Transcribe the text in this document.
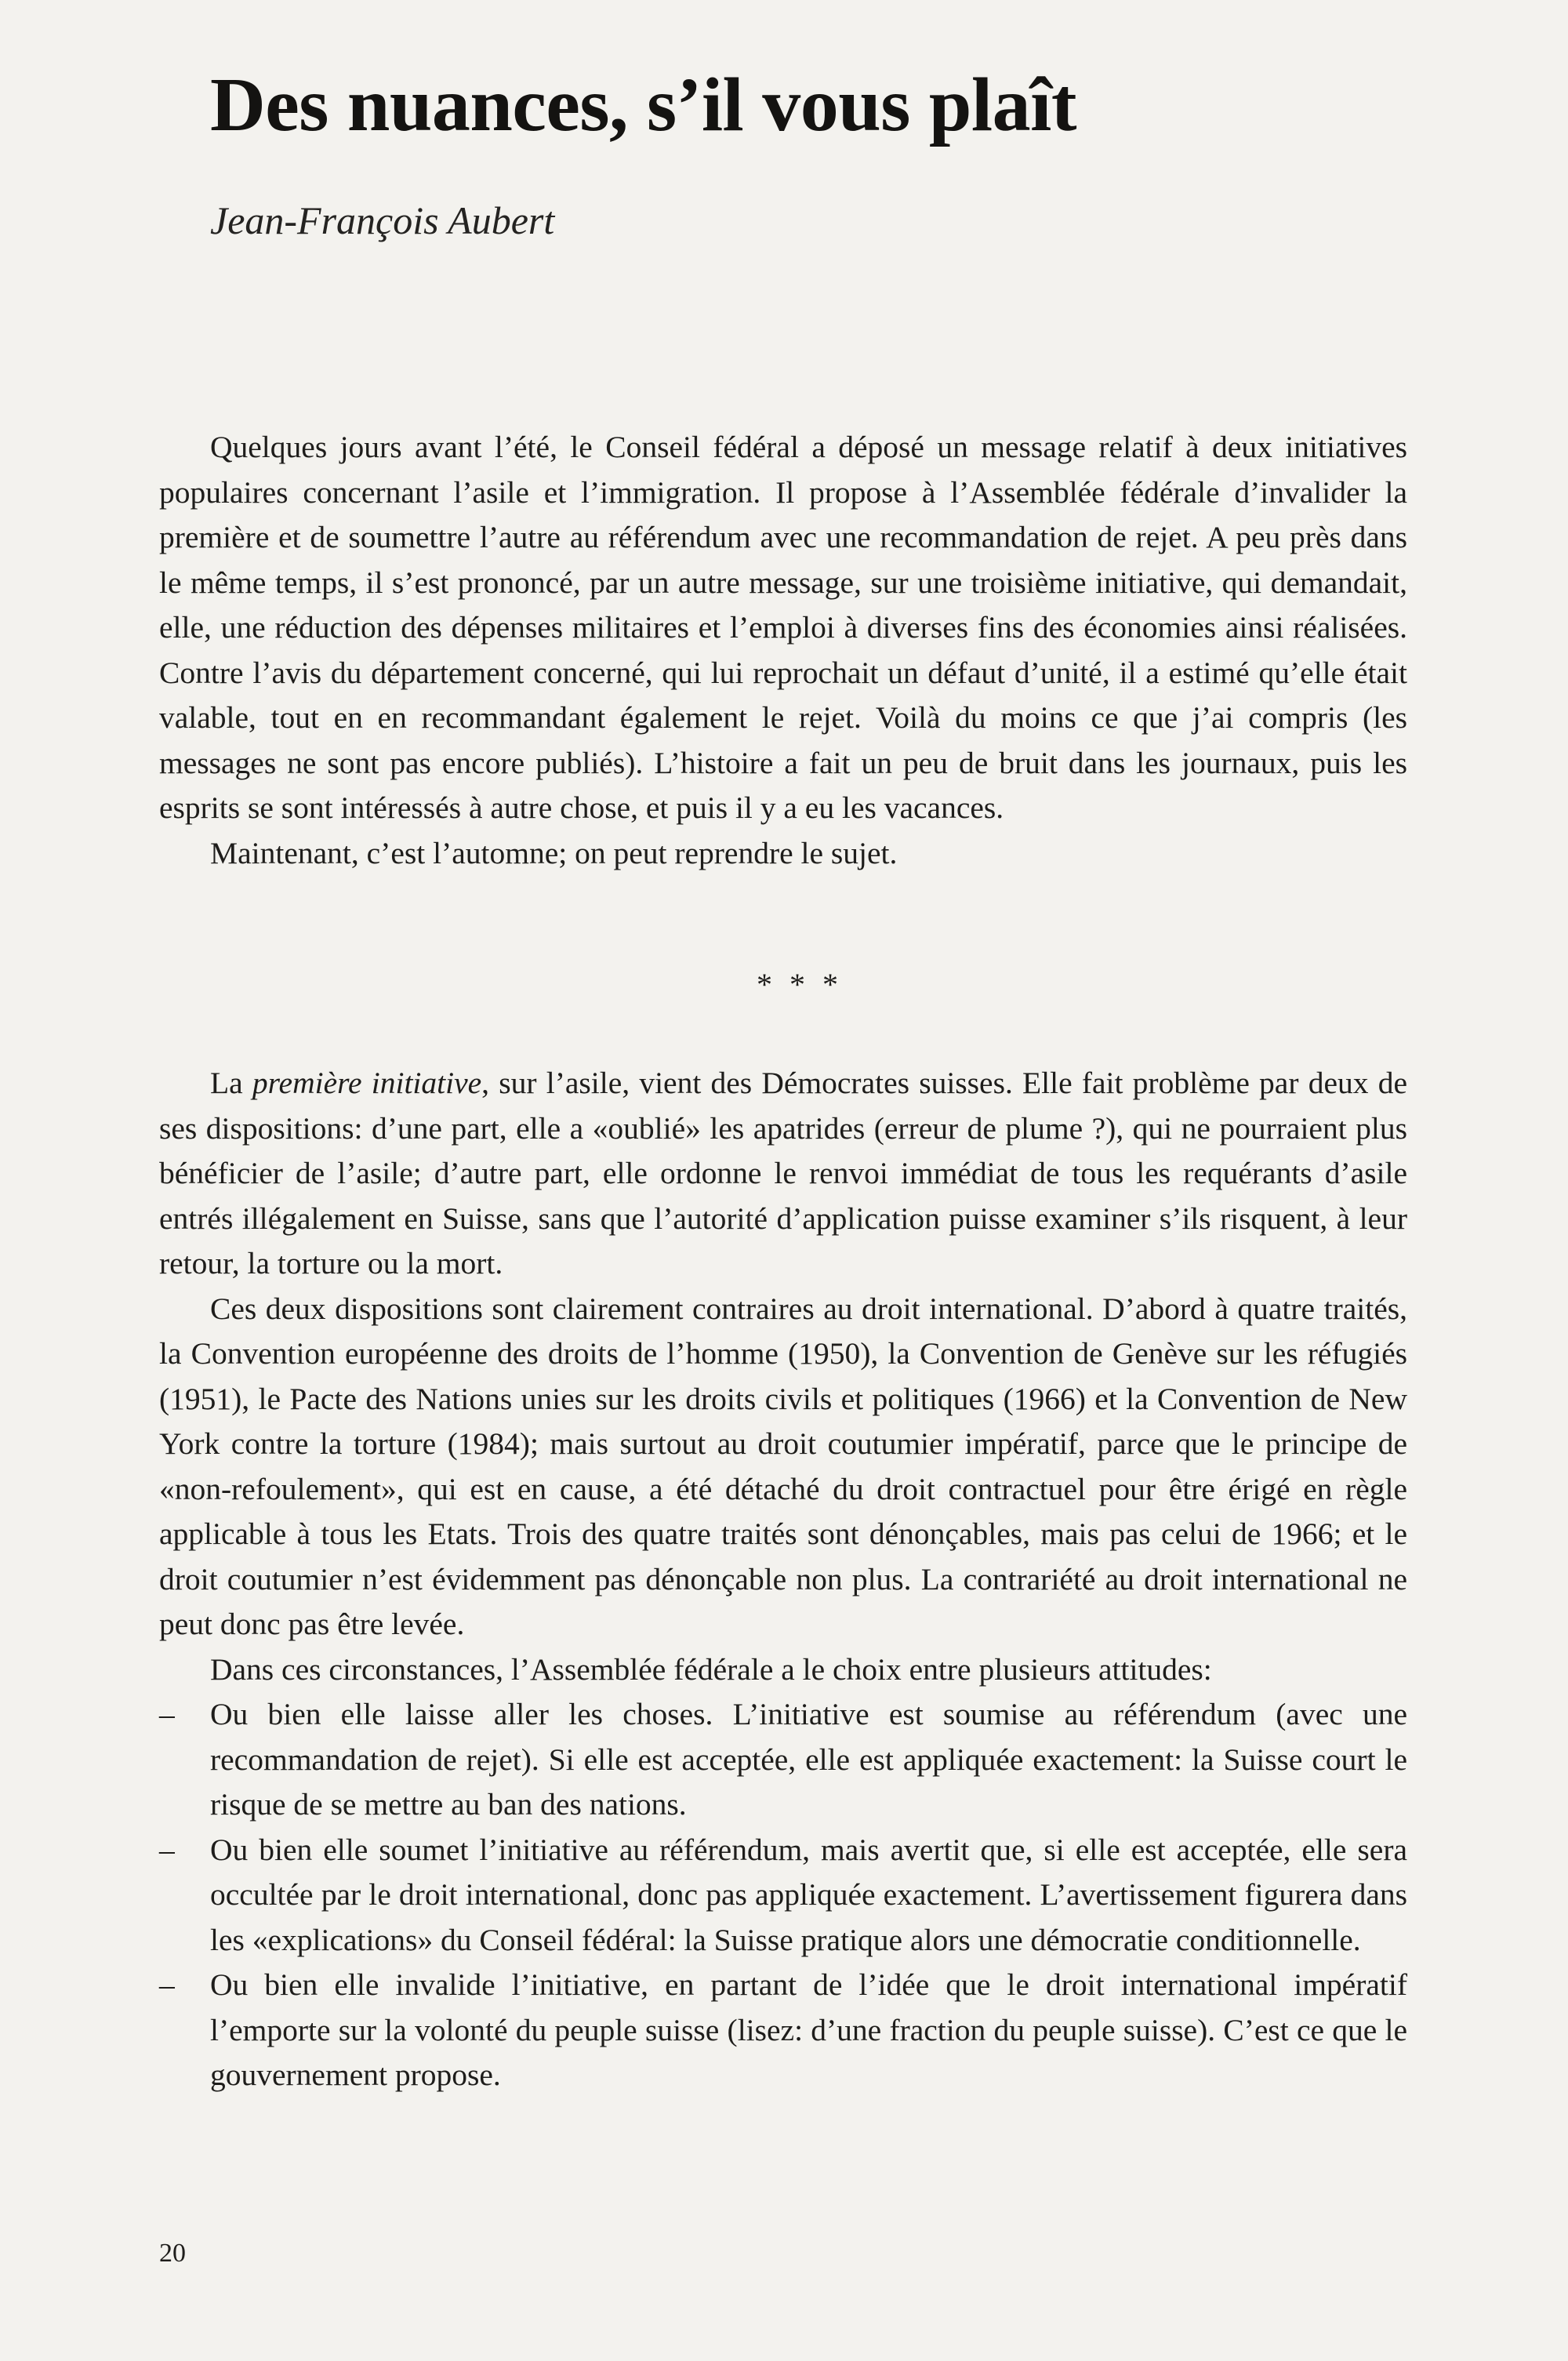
Des nuances, s’il vous plaît

Jean-François Aubert

Quelques jours avant l’été, le Conseil fédéral a déposé un message relatif à deux initiatives populaires concernant l’asile et l’immigration. Il propose à l’Assemblée fédérale d’invalider la première et de soumettre l’autre au référendum avec une recommandation de rejet. A peu près dans le même temps, il s’est prononcé, par un autre message, sur une troisième initiative, qui demandait, elle, une réduction des dépenses militaires et l’emploi à diverses fins des économies ainsi réalisées. Contre l’avis du département concerné, qui lui reprochait un défaut d’unité, il a estimé qu’elle était valable, tout en en recommandant également le rejet. Voilà du moins ce que j’ai compris (les messages ne sont pas encore publiés). L’histoire a fait un peu de bruit dans les journaux, puis les esprits se sont intéressés à autre chose, et puis il y a eu les vacances.

Maintenant, c’est l’automne; on peut reprendre le sujet.

* * *

La première initiative, sur l’asile, vient des Démocrates suisses. Elle fait problème par deux de ses dispositions: d’une part, elle a «oublié» les apatrides (erreur de plume ?), qui ne pourraient plus bénéficier de l’asile; d’autre part, elle ordonne le renvoi immédiat de tous les requérants d’asile entrés illégalement en Suisse, sans que l’autorité d’application puisse examiner s’ils risquent, à leur retour, la torture ou la mort.

Ces deux dispositions sont clairement contraires au droit international. D’abord à quatre traités, la Convention européenne des droits de l’homme (1950), la Convention de Genève sur les réfugiés (1951), le Pacte des Nations unies sur les droits civils et politiques (1966) et la Convention de New York contre la torture (1984); mais surtout au droit coutumier impératif, parce que le principe de «non-refoulement», qui est en cause, a été détaché du droit contractuel pour être érigé en règle applicable à tous les Etats. Trois des quatre traités sont dénonçables, mais pas celui de 1966; et le droit coutumier n’est évidemment pas dénonçable non plus. La contrariété au droit international ne peut donc pas être levée.

Dans ces circonstances, l’Assemblée fédérale a le choix entre plusieurs attitudes:

– Ou bien elle laisse aller les choses. L’initiative est soumise au référendum (avec une recommandation de rejet). Si elle est acceptée, elle est appliquée exactement: la Suisse court le risque de se mettre au ban des nations.
– Ou bien elle soumet l’initiative au référendum, mais avertit que, si elle est acceptée, elle sera occultée par le droit international, donc pas appliquée exactement. L’avertissement figurera dans les «explications» du Conseil fédéral: la Suisse pratique alors une démocratie conditionnelle.
– Ou bien elle invalide l’initiative, en partant de l’idée que le droit international impératif l’emporte sur la volonté du peuple suisse (lisez: d’une fraction du peuple suisse). C’est ce que le gouvernement propose.
20
